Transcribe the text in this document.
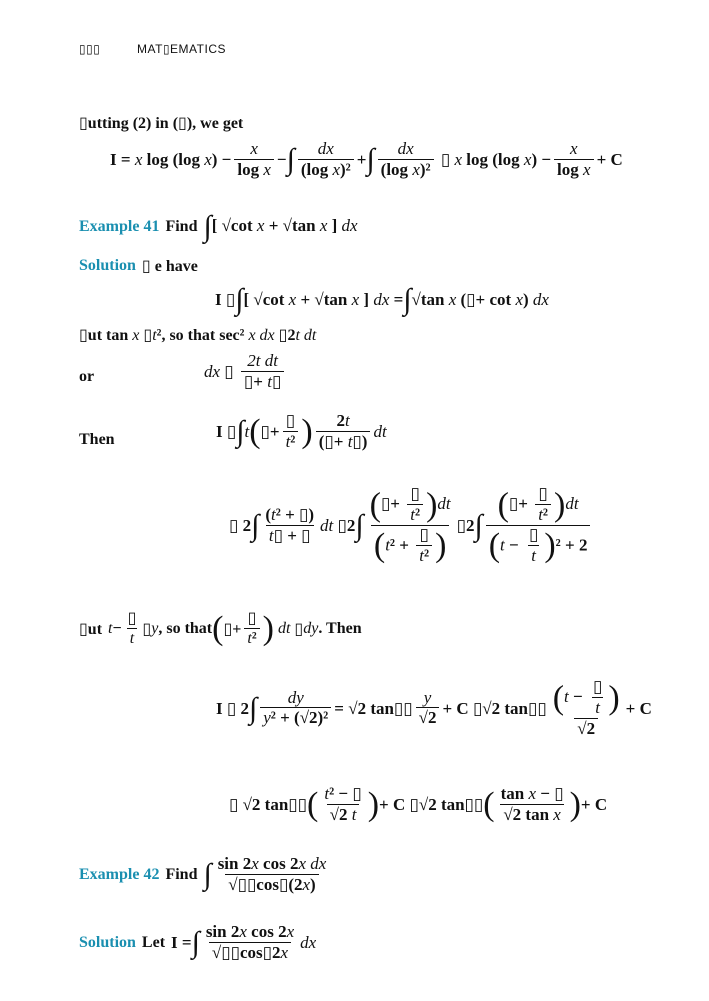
▯▯▯	MAT▯EMATICS
▯utting (2) in (▯), we get
I = x log (log $x) - \frac{x}{\text{log x}}$ − ∫ $\frac{dx}{\text{(log x)²}}$ + ∫ $\frac{dx}{\text{(log x)²}}$ ▯ x log (log $x) - \frac{x}{\text{log x}} + C$
Example 41 Find ∫[ √cot x + √tan x ] dx
Solution ▯ e have
I ▯ ∫ [ √cot x + √tan x ] dx = ∫ √tan x (▯+ cot x) dx
▯ut tan x ▯t², so that sec² x dx ▯2t dt
or	dx ▯ $\frac{\text{2t dt}}{▯+ t▯}$
Then	I ▯ ∫ t ( ▯+ $\frac{▯}{\text{t²}}$ ) $\frac{2t}{(▯+ t▯)}$ dt
▯ 2 ∫ $\frac{\text{(t² + ▯)}}{t▯ + ▯}$ dt ▯2 ∫ $\frac{(▯+ \frac{▯}{\text{t²}} )dt}{(t^2 + \frac{▯}{\text{t²}} )}$ ▯2 ∫ $\frac{(▯+ \frac{▯}{\text{t²}} )dt}{(t - \frac{▯}{t} )^2 + 2}$
▯ut $t - \frac{▯}{t}$ ▯ y , so that ( ▯+ $\frac{▯}{\text{t²}}$ ) dt ▯ dy . Then
I ▯ 2 ∫ $\frac{dy}{\text{y² + (√2)²}} = √2$ tan▯▯ $\frac{y}{√2} + C$ ▯√2 tan▯▯ $\frac{(t - \frac{▯}{t} )}{√2} + C$
▯ √2 tan▯▯ ( $\frac{\text{t² − ▯}}{√2 t}$ ) + C ▯√2 tan▯▯ ( $\frac{\text{tan x − ▯}}{\text{√2 tan x}}$ ) + C
Example 42 Find ∫ $\frac{\text{sin 2x cos 2x dx}}{√▯▯\cos▯(2x)}$
Solution Let I = ∫ $\frac{\text{sin 2x cos 2x}}{√▯▯\cos▯2x}$ dx
